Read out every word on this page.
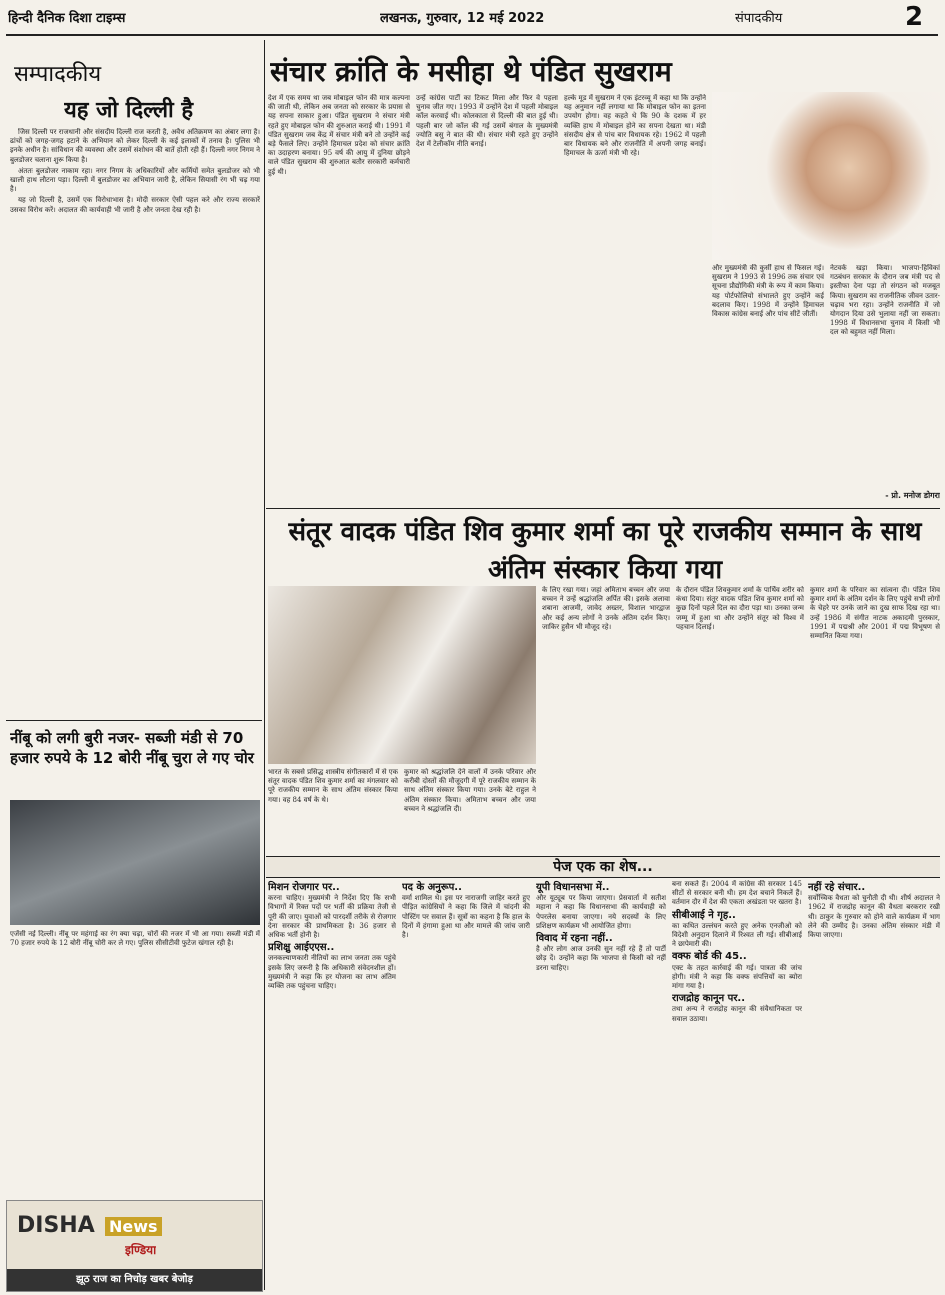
हिन्दी दैनिक दिशा टाइम्स	लखनऊ, गुरुवार, 12 मई 2022	संपादकीय	2
सम्पादकीय
यह जो दिल्ली है

जिस दिल्ली पर राजधानी और संसदीय दिल्ली राज करती है, अवैध अतिक्रमण का अंबार लगा है। ढांचों को जगह-जगह हटाने के अभियान को लेकर दिल्ली के कई इलाकों में तनाव है। पुलिस भी इनके अधीन है। सांविधान की व्यवस्था और उसमें संशोधन की बातें होती रही हैं। दिल्ली नगर निगम ने बुलडोजर चलाना शुरू किया है।

अंततः बुलडोजर नाकाम रहा। नगर निगम के अधिकारियों और कर्मियों समेत बुलडोजर को भी खाली हाथ लौटना पड़ा। दिल्ली में बुलडोजर का अभियान जारी है, लेकिन सियासी रंग भी चढ़ गया है।

यह जो दिल्ली है, उसमें एक विरोधाभास है। मोदी सरकार ऐसी पहल करे और राज्य सरकारें उसका विरोध करें। अदालत की कार्यवाही भी जारी है और जनता देख रही है।

नींबू को लगी बुरी नजर- सब्जी मंडी से 70 हजार रुपये के 12 बोरी नींबू चुरा ले गए चोर
एजेंसी नई दिल्ली। नींबू पर महंगाई का रंग क्या चढ़ा, चोरों की नजर में भी आ गया। सब्जी मंडी में 70 हजार रुपये के 12 बोरी नींबू चोरी कर ले गए। पुलिस सीसीटीवी फुटेज खंगाल रही है।
DISHA News
इण्डिया
झूठ राज का निचोड़ खबर बेजोड़
संचार क्रांति के मसीहा थे पंडित सुखराम
देश में एक समय था जब मोबाइल फोन की मात्र कल्पना की जाती थी, लेकिन अब जनता को सरकार के प्रयास से यह सपना साकार हुआ। पंडित सुखराम ने संचार मंत्री रहते हुए मोबाइल फोन की शुरुआत कराई थी। 1991 में पंडित सुखराम जब केंद्र में संचार मंत्री बने तो उन्होंने कई बड़े फैसले लिए। उन्होंने हिमाचल प्रदेश को संचार क्रांति का उदाहरण बनाया। 95 वर्ष की आयु में दुनिया छोड़ने वाले पंडित सुखराम की शुरुआत बतौर सरकारी कर्मचारी हुई थी।
उन्हें कांग्रेस पार्टी का टिकट मिला और फिर वे पहला चुनाव जीत गए। 1993 में उन्होंने देश में पहली मोबाइल कॉल करवाई थी। कोलकाता से दिल्ली की बात हुई थी। पहली बार जो कॉल की गई उसमें बंगाल के मुख्यमंत्री ज्योति बसु ने बात की थी। संचार मंत्री रहते हुए उन्होंने देश में टेलीकॉम नीति बनाई।
हल्के मूड में सुखराम ने एक इंटरव्यू में कहा था कि उन्होंने यह अनुमान नहीं लगाया था कि मोबाइल फोन का इतना उपयोग होगा। वह कहते थे कि 90 के दशक में हर व्यक्ति हाथ में मोबाइल होने का सपना देखता था। मंडी संसदीय क्षेत्र से पांच बार विधायक रहे। 1962 में पहली बार विधायक बने और राजनीति में अपनी जगह बनाई। हिमाचल के ऊर्जा मंत्री भी रहे।
और मुख्यमंत्री की कुर्सी हाथ से फिसल गई। सुखराम ने 1993 से 1996 तक संचार एवं सूचना प्रौद्योगिकी मंत्री के रूप में काम किया। यह पोर्टफोलियो संभालते हुए उन्होंने कई बदलाव किए। 1998 में उन्होंने हिमाचल विकास कांग्रेस बनाई और पांच सीटें जीतीं।
नेटवर्क खड़ा किया। भाजपा-हिविकां गठबंधन सरकार के दौरान जब मंत्री पद से इस्तीफा देना पड़ा तो संगठन को मजबूत किया। सुखराम का राजनीतिक जीवन उतार-चढ़ाव भरा रहा। उन्होंने राजनीति में जो योगदान दिया उसे भुलाया नहीं जा सकता। 1998 में विधानसभा चुनाव में किसी भी दल को बहुमत नहीं मिला।
- प्रो. मनोज डोगरा
संतूर वादक पंडित शिव कुमार शर्मा का पूरे राजकीय सम्मान के साथ
अंतिम संस्कार किया गया
भारत के सबसे प्रसिद्ध शास्त्रीय संगीतकारों में से एक संतूर वादक पंडित शिव कुमार शर्मा का मंगलवार को पूरे राजकीय सम्मान के साथ अंतिम संस्कार किया गया। वह 84 वर्ष के थे।
कुमार को श्रद्धांजलि देने वालों में उनके परिवार और करीबी दोस्तों की मौजूदगी में पूरे राजकीय सम्मान के साथ अंतिम संस्कार किया गया। उनके बेटे राहुल ने अंतिम संस्कार किया। अमिताभ बच्चन और जया बच्चन ने श्रद्धांजलि दी।
के लिए रखा गया। जहां अमिताभ बच्चन और जया बच्चन ने उन्हें श्रद्धांजलि अर्पित की। इसके अलावा शबाना आजमी, जावेद अख्तर, विशाल भारद्वाज और कई अन्य लोगों ने उनके अंतिम दर्शन किए। जाकिर हुसैन भी मौजूद रहे।
के दौरान पंडित शिवकुमार शर्मा के पार्थिव शरीर को कंधा दिया। संतूर वादक पंडित शिव कुमार शर्मा को कुछ दिनों पहले दिल का दौरा पड़ा था। उनका जन्म जम्मू में हुआ था और उन्होंने संतूर को विश्व में पहचान दिलाई।
कुमार शर्मा के परिवार का सांत्वना दी। पंडित शिव कुमार शर्मा के अंतिम दर्शन के लिए पहुंचे सभी लोगों के चेहरे पर उनके जाने का दुख साफ दिख रहा था। उन्हें 1986 में संगीत नाटक अकादमी पुरस्कार, 1991 में पद्मश्री और 2001 में पद्म विभूषण से सम्मानित किया गया।
पेज एक का शेष...
मिशन रोजगार पर..
करना चाहिए। मुख्यमंत्री ने निर्देश दिए कि सभी विभागों में रिक्त पदों पर भर्ती की प्रक्रिया तेजी से पूरी की जाए। युवाओं को पारदर्शी तरीके से रोजगार देना सरकार की प्राथमिकता है। 36 हजार से अधिक भर्ती होनी है।
प्रशिक्षु आईएएस..
जनकल्याणकारी नीतियों का लाभ जनता तक पहुंचे इसके लिए जरूरी है कि अधिकारी संवेदनशील हों। मुख्यमंत्री ने कहा कि हर योजना का लाभ अंतिम व्यक्ति तक पहुंचना चाहिए।
पद के अनुरूप..
वर्मा शामिल थे। इस पर नाराजगी जाहिर करते हुए पीड़ित कांग्रेसियों ने कहा कि जिले में चांदनी की पोस्टिंग पर सवाल हैं। सूत्रों का कहना है कि हाल के दिनों में हंगामा हुआ था और मामले की जांच जारी है।
यूपी विधानसभा में..
और यूट्यूब पर किया जाएगा। प्रेसवार्ता में सतीश महाना ने कहा कि विधानसभा की कार्यवाही को पेपरलेस बनाया जाएगा। नये सदस्यों के लिए प्रशिक्षण कार्यक्रम भी आयोजित होगा।
विवाद में रहना नहीं..
है और लोग आज उनकी सुन नहीं रहे हैं तो पार्टी छोड़ दें। उन्होंने कहा कि भाजपा से किसी को नहीं डरना चाहिए।
बना सकते हैं। 2004 में कांग्रेस की सरकार 145 सीटों से सरकार बनी थी। हम देश बचाने निकलें हैं। वर्तमान दौर में देश की एकता अखंडता पर खतरा है।
सीबीआई ने गृह..
का कथित उल्लंघन करते हुए अनेक एनजीओ को विदेशी अनुदान दिलाने में रिश्वत ली गई। सीबीआई ने छापेमारी की।
वक्फ बोर्ड की 45..
एक्ट के तहत कार्रवाई की गई। पात्रता की जांच होगी। मंत्री ने कहा कि वक्फ संपत्तियों का ब्योरा मांगा गया है।
राजद्रोह कानून पर..
तथा अन्य ने राजद्रोह कानून की संवैधानिकता पर सवाल उठाया।
नहीं रहे संचार..
सर्वोच्चिक वैधता को चुनौती दी थी। शीर्ष अदालत ने 1962 में राजद्रोह कानून की वैधता बरकरार रखी थी। ठाकुर के गुरुवार को होने वाले कार्यक्रम में भाग लेने की उम्मीद है। उनका अंतिम संस्कार मंडी में किया जाएगा।
